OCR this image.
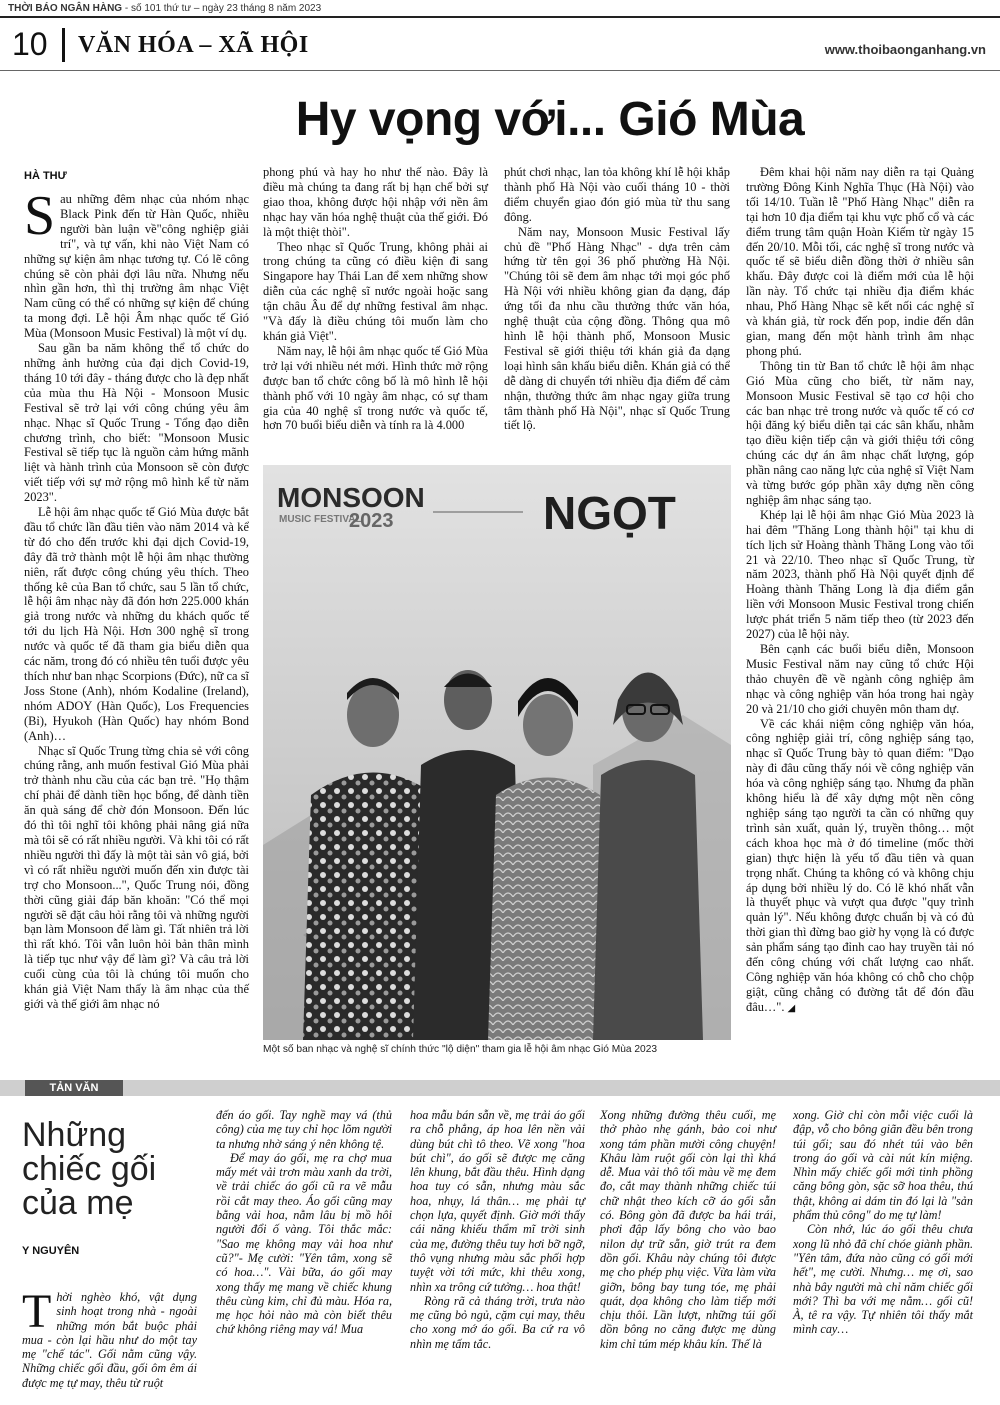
THỜI BÁO NGÂN HÀNG - số 101 thứ tư – ngày 23 tháng 8 năm 2023
10 VĂN HÓA – XÃ HỘI	www.thoibaonganhang.vn
Hy vọng với... Gió Mùa
HÀ THƯ

Sau những đêm nhạc của nhóm nhạc Black Pink đến từ Hàn Quốc, nhiều người bàn luận về"công nghiệp giải trí", và tự vấn, khi nào Việt Nam có những sự kiện âm nhạc tương tự. Có lẽ công chúng sẽ còn phải đợi lâu nữa. Nhưng nếu nhìn gần hơn, thì thị trường âm nhạc Việt Nam cũng có thể có những sự kiện để chúng ta mong đợi. Lễ hội Âm nhạc quốc tế Gió Mùa (Monsoon Music Festival) là một ví dụ.

Sau gần ba năm không thể tổ chức do những ảnh hưởng của đại dịch Covid-19, tháng 10 tới đây - tháng được cho là đẹp nhất của mùa thu Hà Nội - Monsoon Music Festival sẽ trở lại với công chúng yêu âm nhạc. Nhạc sĩ Quốc Trung - Tổng đạo diễn chương trình, cho biết: "Monsoon Music Festival sẽ tiếp tục là nguồn cảm hứng mãnh liệt và hành trình của Monsoon sẽ còn được viết tiếp với sự mở rộng mô hình kể từ năm 2023".

Lễ hội âm nhạc quốc tế Gió Mùa được bắt đầu tổ chức lần đầu tiên vào năm 2014 và kể từ đó cho đến trước khi đại dịch Covid-19, đây đã trở thành một lễ hội âm nhạc thường niên, rất được công chúng yêu thích. Theo thống kê của Ban tổ chức, sau 5 lần tổ chức, lễ hội âm nhạc này đã đón hơn 225.000 khán giả trong nước và những du khách quốc tế tới du lịch Hà Nội. Hơn 300 nghệ sĩ trong nước và quốc tế đã tham gia biểu diễn qua các năm, trong đó có nhiều tên tuổi được yêu thích như ban nhạc Scorpions (Đức), nữ ca sĩ Joss Stone (Anh), nhóm Kodaline (Ireland), nhóm ADOY (Hàn Quốc), Los Frequencies (Bỉ), Hyukoh (Hàn Quốc) hay nhóm Bond (Anh)…

Nhạc sĩ Quốc Trung từng chia sẻ với công chúng rằng, anh muốn festival Gió Mùa phải trở thành nhu cầu của các bạn trẻ. "Họ thậm chí phải để dành tiền học bổng, để dành tiền ăn quà sáng để chờ đón Monsoon. Đến lúc đó thì tôi nghĩ tôi không phải nâng giá nữa mà tôi sẽ có rất nhiều người. Và khi tôi có rất nhiều người thì đấy là một tài sản vô giá, bởi vì có rất nhiều người muốn đến xin được tài trợ cho Monsoon...", Quốc Trung nói, đồng thời cũng giải đáp băn khoăn: "Có thể mọi người sẽ đặt câu hỏi rằng tôi và những người bạn làm Monsoon để làm gì. Tất nhiên trả lời thì rất khó. Tôi vẫn luôn hỏi bản thân mình là tiếp tục như vậy để làm gì? Và câu trả lời cuối cùng của tôi là chúng tôi muốn cho khán giả Việt Nam thấy là âm nhạc của thế giới và thế giới âm nhạc nó

phong phú và hay ho như thế nào. Đây là điều mà chúng ta đang rất bị hạn chế bởi sự giao thoa, không được hội nhập với nền âm nhạc hay văn hóa nghệ thuật của thế giới. Đó là một thiệt thòi".

Theo nhạc sĩ Quốc Trung, không phải ai trong chúng ta cũng có điều kiện đi sang Singapore hay Thái Lan để xem những show diễn của các nghệ sĩ nước ngoài hoặc sang tận châu Âu để dự những festival âm nhạc. "Và đấy là điều chúng tôi muốn làm cho khán giả Việt".

Năm nay, lễ hội âm nhạc quốc tế Gió Mùa trở lại với nhiều nét mới. Hình thức mở rộng được ban tổ chức công bố là mô hình lễ hội thành phố với 10 ngày âm nhạc, có sự tham gia của 40 nghệ sĩ trong nước và quốc tế, hơn 70 buổi biểu diễn và tính ra là 4.000

phút chơi nhạc, lan tỏa không khí lễ hội khắp thành phố Hà Nội vào cuối tháng 10 - thời điểm chuyển giao đón gió mùa từ thu sang đông.

Năm nay, Monsoon Music Festival lấy chủ đề "Phố Hàng Nhạc" - dựa trên cảm hứng từ tên gọi 36 phố phường Hà Nội. "Chúng tôi sẽ đem âm nhạc tới mọi góc phố Hà Nội với nhiều không gian đa dạng, đáp ứng tối đa nhu cầu thưởng thức văn hóa, nghệ thuật của cộng đồng. Thông qua mô hình lễ hội thành phố, Monsoon Music Festival sẽ giới thiệu tới khán giả đa dạng loại hình sân khấu biểu diễn. Khán giả có thể dễ dàng di chuyển tới nhiều địa điểm để cảm nhận, thưởng thức âm nhạc ngay giữa trung tâm thành phố Hà Nội", nhạc sĩ Quốc Trung tiết lộ.

Đêm khai hội năm nay diễn ra tại Quảng trường Đông Kinh Nghĩa Thục (Hà Nội) vào tối 14/10. Tuần lễ "Phố Hàng Nhạc" diễn ra tại hơn 10 địa điểm tại khu vực phố cổ và các điểm trung tâm quận Hoàn Kiếm từ ngày 15 đến 20/10. Mỗi tối, các nghệ sĩ trong nước và quốc tế sẽ biểu diễn đồng thời ở nhiều sân khấu. Đây được coi là điểm mới của lễ hội lần này. Tổ chức tại nhiều địa điểm khác nhau, Phố Hàng Nhạc sẽ kết nối các nghệ sĩ và khán giả, từ rock đến pop, indie đến dân gian, mang đến một hành trình âm nhạc phong phú.

Thông tin từ Ban tổ chức lễ hội âm nhạc Gió Mùa cũng cho biết, từ năm nay, Monsoon Music Festival sẽ tạo cơ hội cho các ban nhạc trẻ trong nước và quốc tế có cơ hội đăng ký biểu diễn tại các sân khấu, nhằm tạo điều kiện tiếp cận và giới thiệu tới công chúng các dự án âm nhạc chất lượng, góp phần nâng cao năng lực của nghệ sĩ Việt Nam và từng bước góp phần xây dựng nền công nghiệp âm nhạc sáng tạo.

Khép lại lễ hội âm nhạc Gió Mùa 2023 là hai đêm "Thăng Long thành hội" tại khu di tích lịch sử Hoàng thành Thăng Long vào tối 21 và 22/10. Theo nhạc sĩ Quốc Trung, từ năm 2023, thành phố Hà Nội quyết định để Hoàng thành Thăng Long là địa điểm gắn liền với Monsoon Music Festival trong chiến lược phát triển 5 năm tiếp theo (từ 2023 đến 2027) của lễ hội này.

Bên cạnh các buổi biểu diễn, Monsoon Music Festival năm nay cũng tổ chức Hội thảo chuyên đề về ngành công nghiệp âm nhạc và công nghiệp văn hóa trong hai ngày 20 và 21/10 cho giới chuyên môn tham dự.

Về các khái niệm công nghiệp văn hóa, công nghiệp giải trí, công nghiệp sáng tạo, nhạc sĩ Quốc Trung bày tỏ quan điểm: "Dạo này đi đâu cũng thấy nói về công nghiệp văn hóa và công nghiệp sáng tạo. Nhưng đa phần không hiểu là để xây dựng một nền công nghiệp sáng tạo người ta cần có những quy trình sản xuất, quản lý, truyền thông… một cách khoa học mà ở đó timeline (mốc thời gian) thực hiện là yếu tố đầu tiên và quan trọng nhất. Chúng ta không có và không chịu áp dụng bởi nhiều lý do. Có lẽ khó nhất vẫn là thuyết phục và vượt qua được "quy trình quản lý". Nếu không được chuẩn bị và có đủ thời gian thì đừng bao giờ hy vọng là có được sản phẩm sáng tạo đỉnh cao hay truyền tải nó đến công chúng với chất lượng cao nhất. Công nghiệp văn hóa không có chỗ cho chộp giật, cũng chẳng có đường tắt để đón đầu đâu…". ◢

MONSOON
MUSIC FESTIVAL
2023	NGỌT
Một số ban nhạc và nghệ sĩ chính thức "lộ diện" tham gia lễ hội âm nhạc Gió Mùa 2023
TẢN VĂN
Những
chiếc gối
của mẹ
Y NGUYÊN

Thời nghèo khó, vật dụng sinh hoạt trong nhà - ngoài những món bắt buộc phải mua - còn lại hầu như do một tay mẹ "chế tác". Gối nằm cũng vậy. Những chiếc gối đầu, gối ôm êm ái được mẹ tự may, thêu từ ruột

đến áo gối. Tay nghề may vá (thủ công) của mẹ tuy chỉ học lõm người ta nhưng nhờ sáng ý nên không tệ.

Để may áo gối, mẹ ra chợ mua mấy mét vải trơn màu xanh da trời, về trải chiếc áo gối cũ ra vẽ mẫu rồi cắt may theo. Áo gối cũng may bằng vải hoa, nằm lâu bị mồ hôi người đổi ố vàng. Tôi thắc mắc: "Sao mẹ không may vải hoa như cũ?"- Mẹ cười: "Yên tâm, xong sẽ có hoa…". Vài bữa, áo gối may xong thấy mẹ mang về chiếc khung thêu cùng kim, chỉ đủ màu. Hóa ra, mẹ học hỏi nào mà còn biết thêu chứ không riêng may vá! Mua

hoa mẫu bán sẵn về, mẹ trải áo gối ra chỗ phẳng, áp hoa lên nền vải dùng bút chì tô theo. Vẽ xong "hoa bút chì", áo gối sẽ được mẹ căng lên khung, bắt đầu thêu. Hình dạng hoa tuy có sẵn, nhưng màu sắc hoa, nhụy, lá thân… mẹ phải tự chọn lựa, quyết định. Giờ mới thấy cái năng khiếu thẩm mĩ trời sinh của mẹ, đường thêu tuy hơi bỡ ngỡ, thô vụng nhưng màu sắc phối hợp tuyệt vời tới mức, khi thêu xong, nhìn xa trông cứ tưởng… hoa thật!

Ròng rã cả tháng trời, trưa nào mẹ cũng bỏ ngủ, cặm cụi may, thêu cho xong mớ áo gối. Ba cứ ra vô nhìn mẹ tấm tắc.

Xong những đường thêu cuối, mẹ thở phào nhẹ gánh, bảo coi như xong tám phần mười công chuyện! Khâu làm ruột gối còn lại thì khá dễ. Mua vải thô tối màu về mẹ đem đo, cắt may thành những chiếc túi chữ nhật theo kích cỡ áo gối sẵn có. Bông gòn đã được ba hái trái, phơi đập lấy bông cho vào bao nilon dự trữ sẵn, giờ trút ra đem dồn gối. Khâu này chúng tôi được mẹ cho phép phụ việc. Vừa làm vừa giỡn, bông bay tung tóe, mẹ phải quát, dọa không cho làm tiếp mới chịu thôi. Lần lượt, những túi gối dồn bông no căng được mẹ dùng kim chỉ túm mép khâu kín. Thế là

xong. Giờ chỉ còn mỗi việc cuối là đập, vỗ cho bông giãn đều bên trong túi gối; sau đó nhét túi vào bên trong áo gối và cài nút kín miệng. Nhìn mấy chiếc gối mới tinh phồng căng bông gòn, sặc sỡ hoa thêu, thú thật, không ai dám tin đó lại là "sản phẩm thủ công" do mẹ tự làm!

Còn nhớ, lúc áo gối thêu chưa xong lũ nhỏ đã chí chóe giành phần. "Yên tâm, đứa nào cũng có gối mới hết", mẹ cười. Nhưng… mẹ ơi, sao nhà bây người mà chỉ năm chiếc gối mới? Thì ba với mẹ nằm… gối cũ! À, tê ra vậy. Tự nhiên tôi thấy mắt mình cay…
